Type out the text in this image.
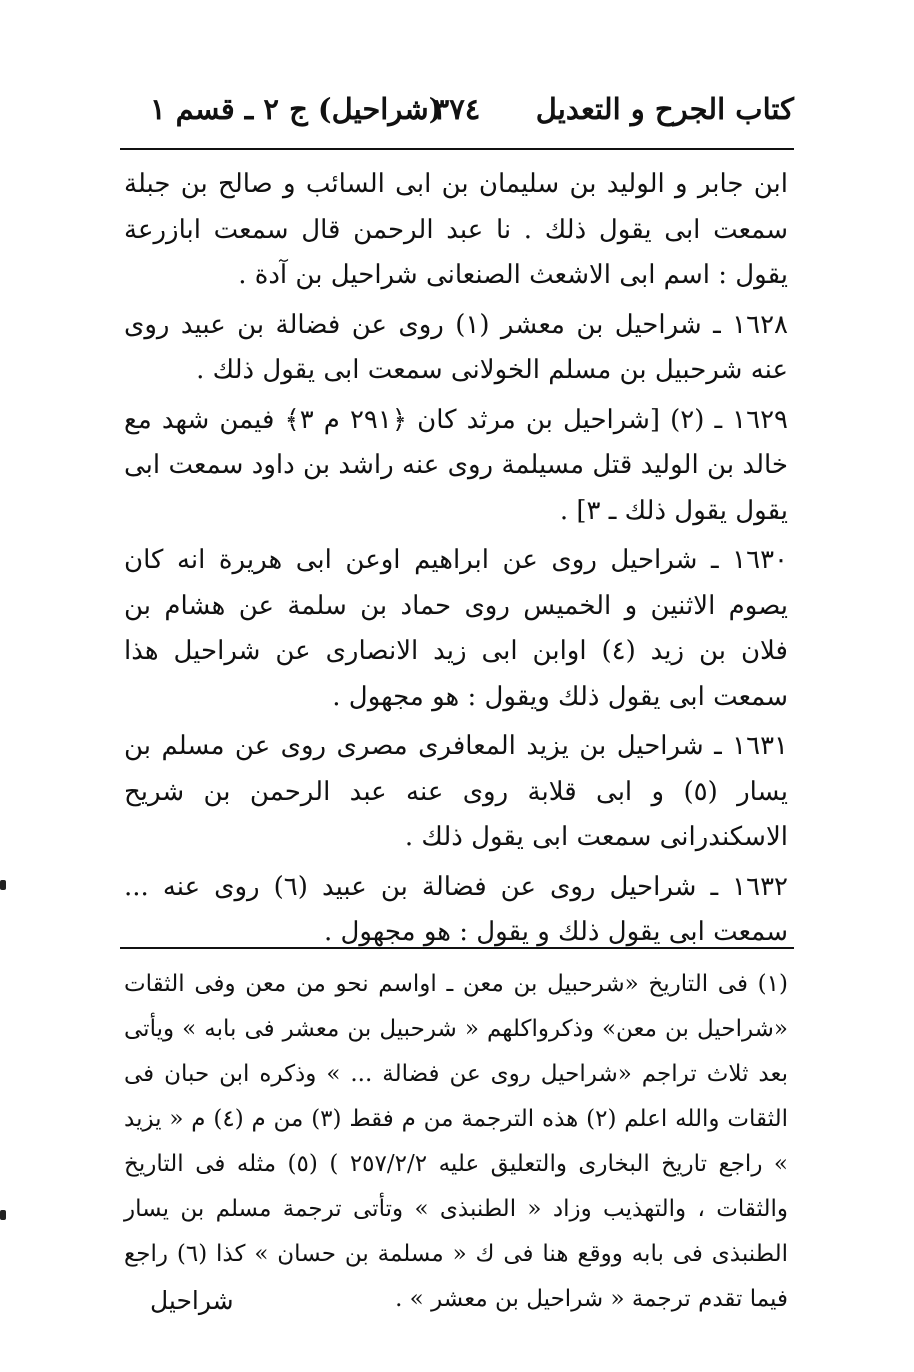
كتاب الجرح و التعديل
٣٧٤
(شراحيل) ج ٢ ـ قسم ١

ابن جابر و الوليد بن سليمان بن ابى السائب و صالح بن جبلة سمعت ابى يقول ذلك . نا عبد الرحمن قال سمعت ابازرعة يقول : اسم ابى الاشعث الصنعانى شراحيل بن آدة .

١٦٢٨ ـ شراحيل بن معشر (١) روى عن فضالة بن عبيد روى عنه شرحبيل بن مسلم الخولانى سمعت ابى يقول ذلك .

١٦٢٩ ـ (٢) [شراحيل بن مرثد كان ﴿٢٩١ م ٣﴾ فيمن شهد مع خالد بن الوليد قتل مسيلمة روى عنه راشد بن داود سمعت ابى يقول يقول ذلك ـ ٣] .

١٦٣٠ ـ شراحيل روى عن ابراهيم اوعن ابى هريرة انه كان يصوم الاثنين و الخميس روى حماد بن سلمة عن هشام بن فلان بن زيد (٤) اوابن ابى زيد الانصارى عن شراحيل هذا سمعت ابى يقول ذلك ويقول : هو مجهول .

١٦٣١ ـ شراحيل بن يزيد المعافرى مصرى روى عن مسلم بن يسار (٥) و ابى قلابة روى عنه عبد الرحمن بن شريح الاسكندرانى سمعت ابى يقول ذلك .

١٦٣٢ ـ شراحيل روى عن فضالة بن عبيد (٦) روى عنه ... سمعت ابى يقول ذلك و يقول : هو مجهول .

(١) فى التاريخ «شرحبيل بن معن ـ اواسم نحو من معن وفى الثقات «شراحيل بن معن» وذكرواكلهم « شرحبيل بن معشر فى بابه » ويأتى بعد ثلاث تراجم «شراحيل روى عن فضالة ... » وذكره ابن حبان فى الثقات والله اعلم (٢) هذه الترجمة من م فقط (٣) من م (٤) م « يزيد » راجع تاريخ البخارى والتعليق عليه ٢٥٧/٢/٢ ) (٥) مثله فى التاريخ والثقات ، والتهذيب وزاد « الطنبذى » وتأتى ترجمة مسلم بن يسار الطنبذى فى بابه ووقع هنا فى ك « مسلمة بن حسان » كذا (٦) راجع فيما تقدم ترجمة « شراحيل بن معشر » .

شراحيل
